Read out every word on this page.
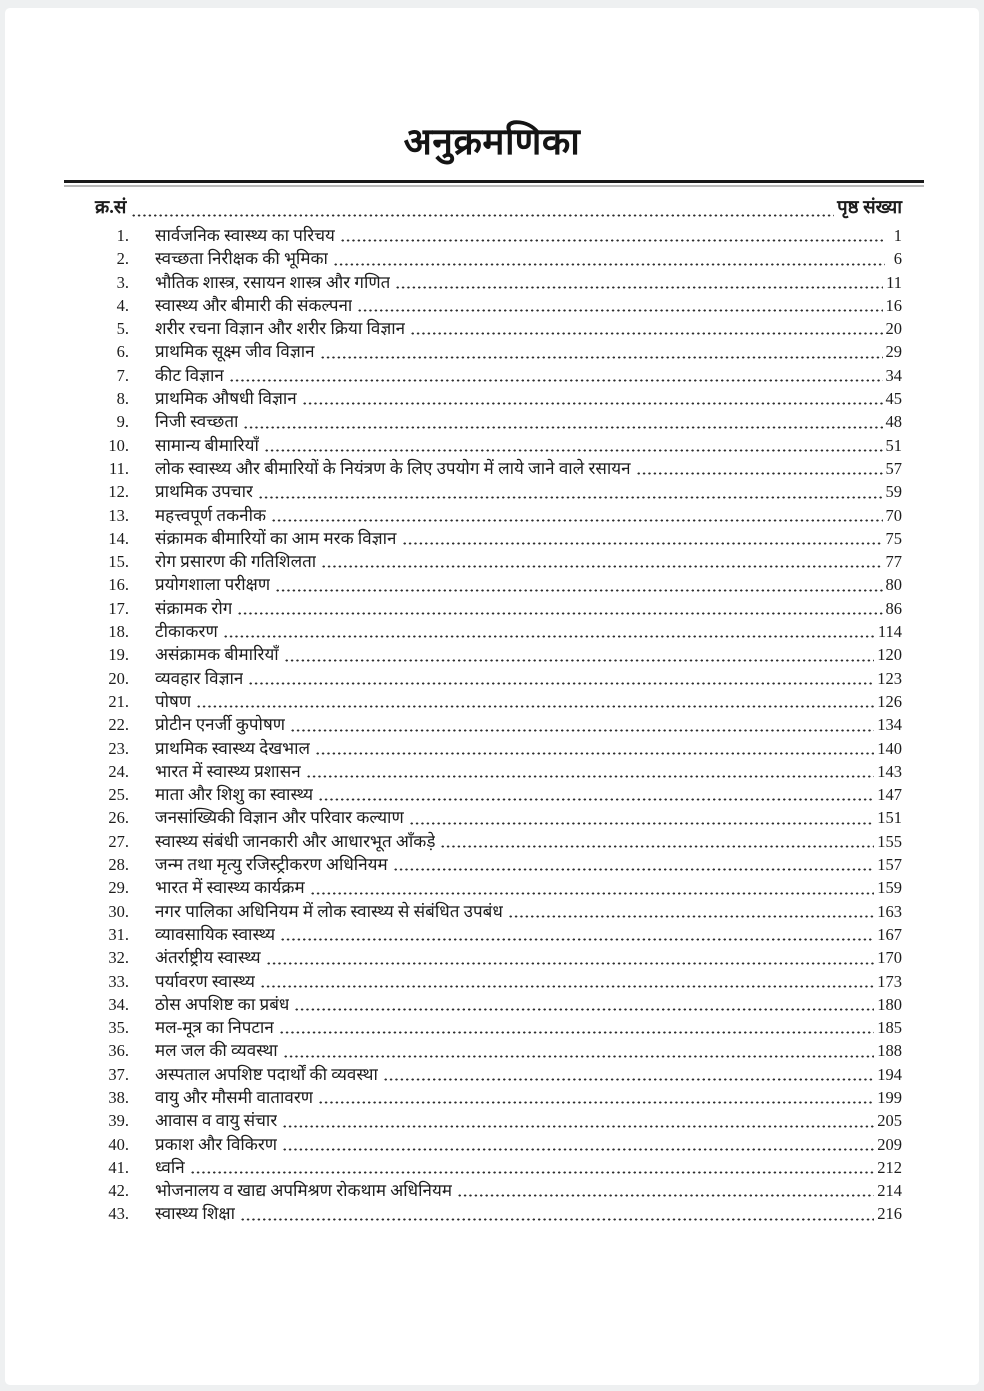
अनुक्रमणिका
क्र.सं	पृष्ठ संख्या
1. सार्वजनिक स्वास्थ्य का परिचय	1
2. स्वच्छता निरीक्षक की भूमिका	6
3. भौतिक शास्त्र, रसायन शास्त्र और गणित	11
4. स्वास्थ्य और बीमारी की संकल्पना	16
5. शरीर रचना विज्ञान और शरीर क्रिया विज्ञान	20
6. प्राथमिक सूक्ष्म जीव विज्ञान	29
7. कीट विज्ञान	34
8. प्राथमिक औषधी विज्ञान	45
9. निजी स्वच्छता	48
10. सामान्य बीमारियाँ	51
11. लोक स्वास्थ्य और बीमारियों के नियंत्रण के लिए उपयोग में लाये जाने वाले रसायन	57
12. प्राथमिक उपचार	59
13. महत्त्वपूर्ण तकनीक	70
14. संक्रामक बीमारियों का आम मरक विज्ञान	75
15. रोग प्रसारण की गतिशिलता	77
16. प्रयोगशाला परीक्षण	80
17. संक्रामक रोग	86
18. टीकाकरण	114
19. असंक्रामक बीमारियाँ	120
20. व्यवहार विज्ञान	123
21. पोषण	126
22. प्रोटीन एनर्जी कुपोषण	134
23. प्राथमिक स्वास्थ्य देखभाल	140
24. भारत में स्वास्थ्य प्रशासन	143
25. माता और शिशु का स्वास्थ्य	147
26. जनसांख्यिकी विज्ञान और परिवार कल्याण	151
27. स्वास्थ्य संबंधी जानकारी और आधारभूत आँकड़े	155
28. जन्म तथा मृत्यु रजिस्ट्रीकरण अधिनियम	157
29. भारत में स्वास्थ्य कार्यक्रम	159
30. नगर पालिका अधिनियम में लोक स्वास्थ्य से संबंधित उपबंध	163
31. व्यावसायिक स्वास्थ्य	167
32. अंतर्राष्ट्रीय स्वास्थ्य	170
33. पर्यावरण स्वास्थ्य	173
34. ठोस अपशिष्ट का प्रबंध	180
35. मल-मूत्र का निपटान	185
36. मल जल की व्यवस्था	188
37. अस्पताल अपशिष्ट पदार्थों की व्यवस्था	194
38. वायु और मौसमी वातावरण	199
39. आवास व वायु संचार	205
40. प्रकाश और विकिरण	209
41. ध्वनि	212
42. भोजनालय व खाद्य अपमिश्रण रोकथाम अधिनियम	214
43. स्वास्थ्य शिक्षा	216
